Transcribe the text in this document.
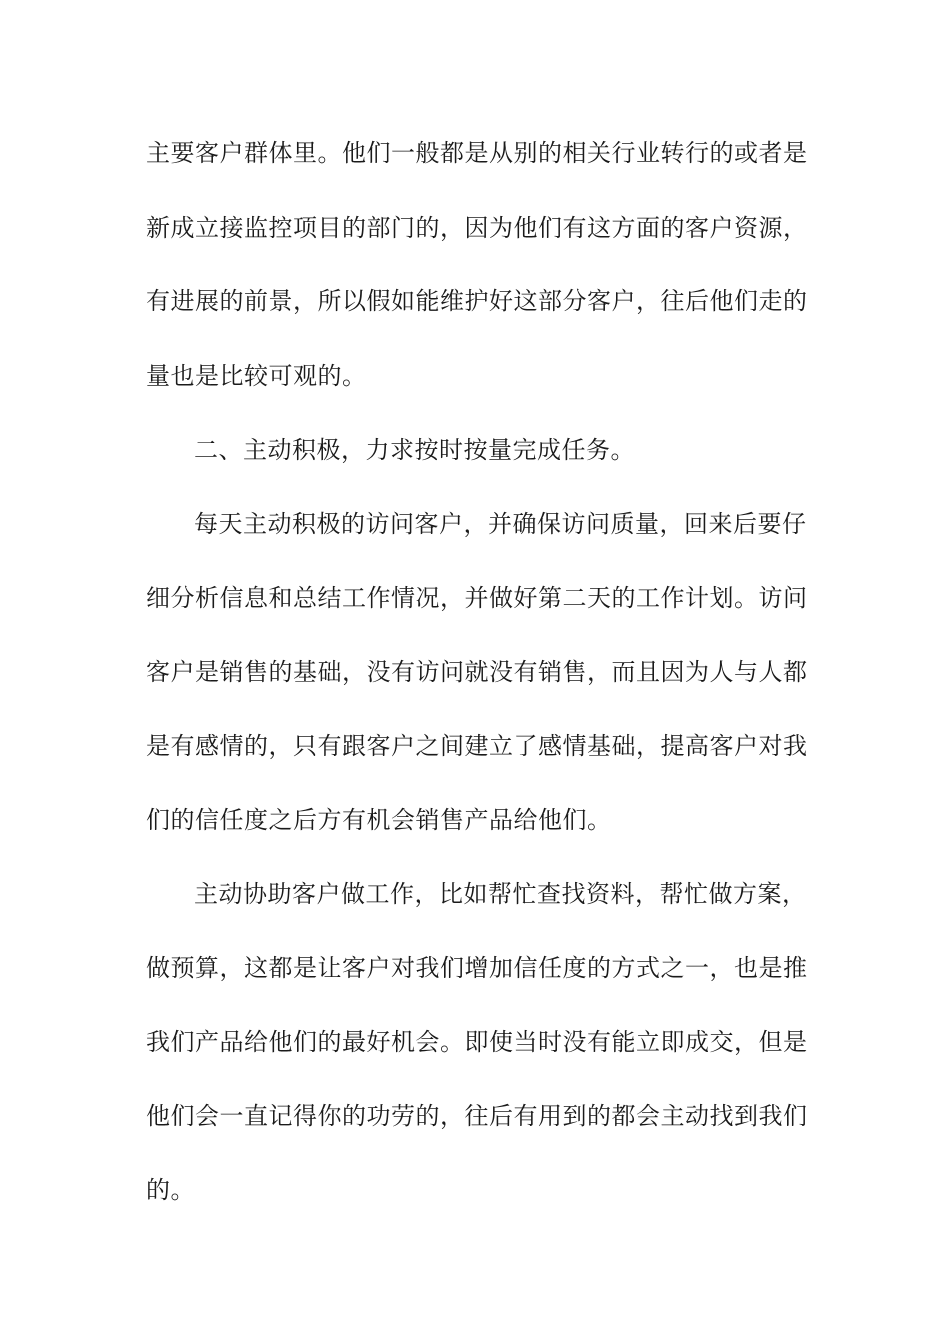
主要客户群体里。他们一般都是从别的相关行业转行的或者是
新成立接监控项目的部门的，因为他们有这方面的客户资源，
有进展的前景，所以假如能维护好这部分客户，往后他们走的
量也是比较可观的。
二、主动积极，力求按时按量完成任务。
每天主动积极的访问客户，并确保访问质量，回来后要仔
细分析信息和总结工作情况，并做好第二天的工作计划。访问
客户是销售的基础，没有访问就没有销售，而且因为人与人都
是有感情的，只有跟客户之间建立了感情基础，提高客户对我
们的信任度之后方有机会销售产品给他们。
主动协助客户做工作，比如帮忙查找资料，帮忙做方案，
做预算，这都是让客户对我们增加信任度的方式之一，也是推
我们产品给他们的最好机会。即使当时没有能立即成交，但是
他们会一直记得你的功劳的，往后有用到的都会主动找到我们
的。
